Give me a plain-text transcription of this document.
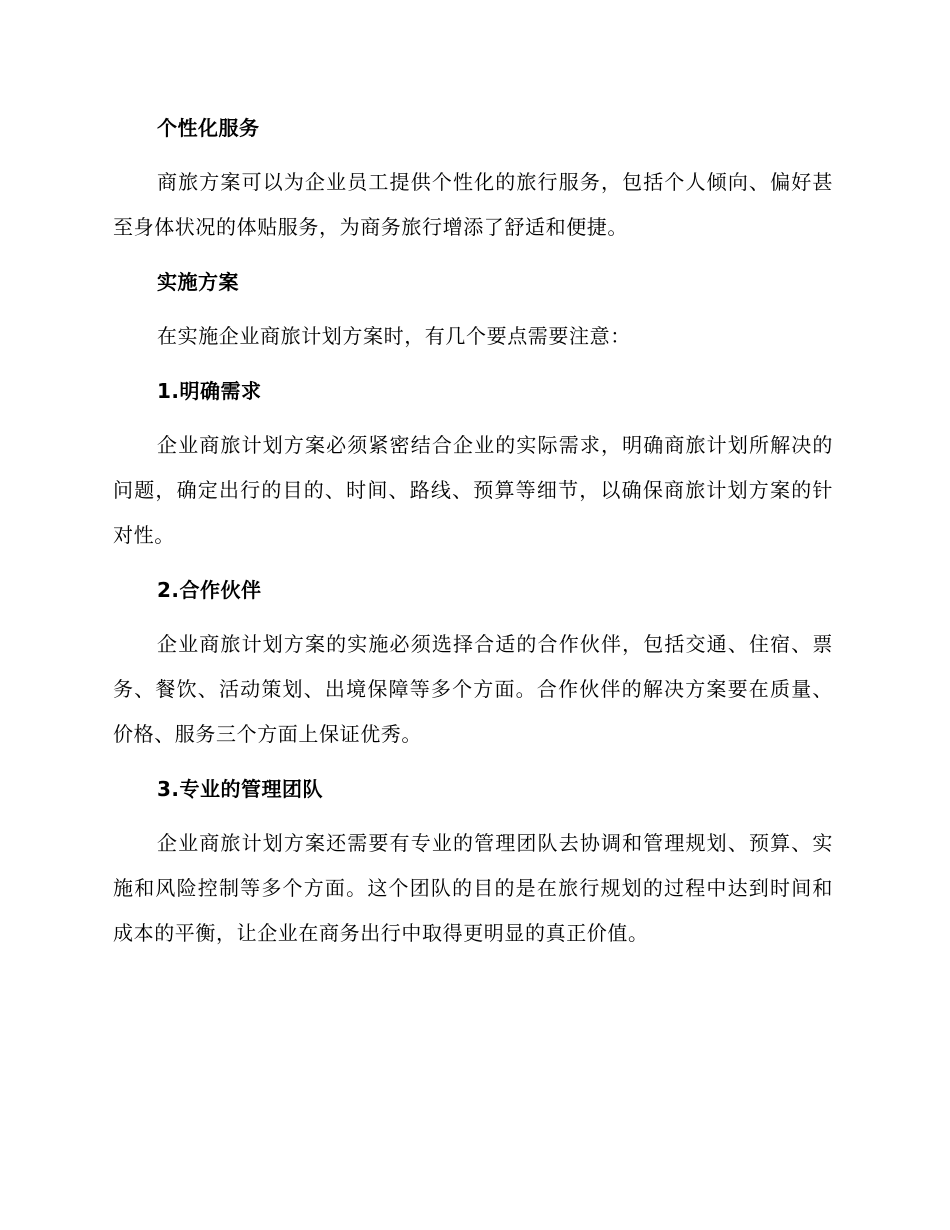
个性化服务

商旅方案可以为企业员工提供个性化的旅行服务，包括个人倾向、偏好甚至身体状况的体贴服务，为商务旅行增添了舒适和便捷。

实施方案

在实施企业商旅计划方案时，有几个要点需要注意：

1.明确需求

企业商旅计划方案必须紧密结合企业的实际需求，明确商旅计划所解决的问题，确定出行的目的、时间、路线、预算等细节，以确保商旅计划方案的针对性。

2.合作伙伴

企业商旅计划方案的实施必须选择合适的合作伙伴，包括交通、住宿、票务、餐饮、活动策划、出境保障等多个方面。合作伙伴的解决方案要在质量、价格、服务三个方面上保证优秀。

3.专业的管理团队

企业商旅计划方案还需要有专业的管理团队去协调和管理规划、预算、实施和风险控制等多个方面。这个团队的目的是在旅行规划的过程中达到时间和成本的平衡，让企业在商务出行中取得更明显的真正价值。
